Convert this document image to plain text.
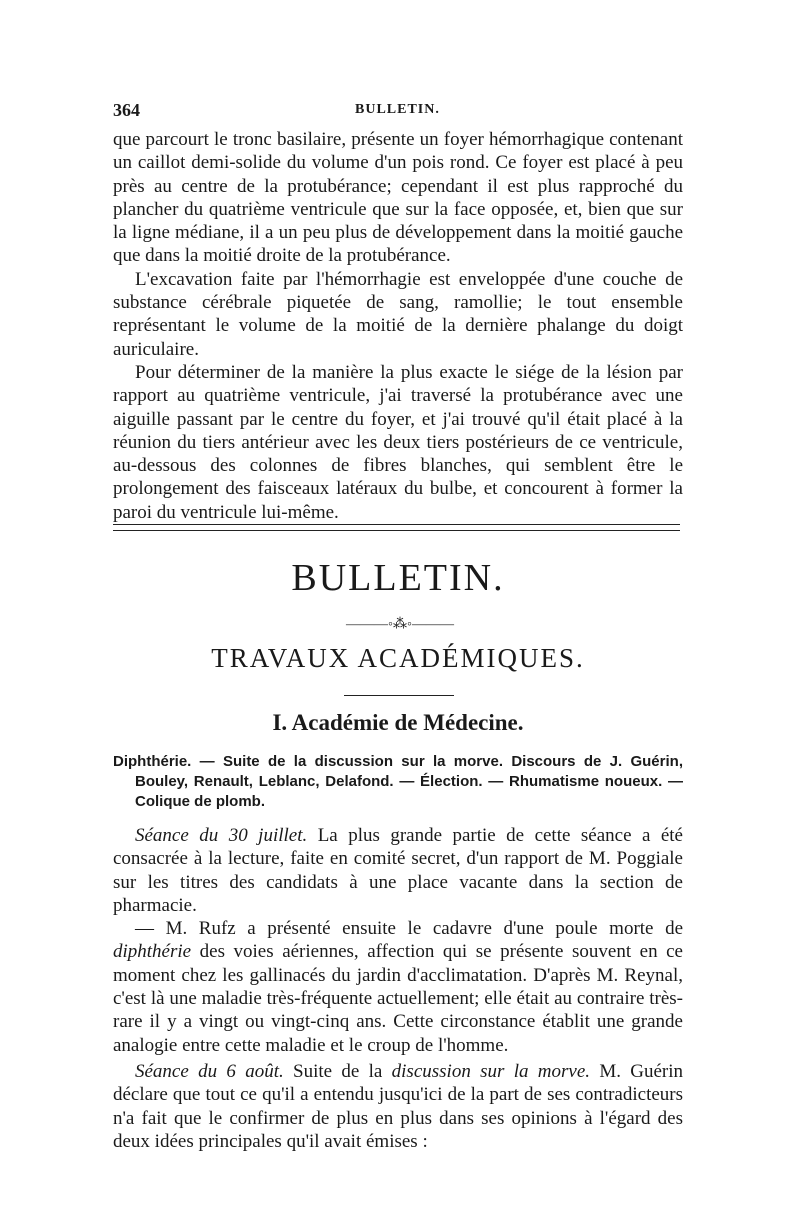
364	BULLETIN.

que parcourt le tronc basilaire, présente un foyer hémorrhagique contenant un caillot demi-solide du volume d'un pois rond. Ce foyer est placé à peu près au centre de la protubérance; cependant il est plus rapproché du plancher du quatrième ventricule que sur la face opposée, et, bien que sur la ligne médiane, il a un peu plus de développement dans la moitié gauche que dans la moitié droite de la protubérance.

L'excavation faite par l'hémorrhagie est enveloppée d'une couche de substance cérébrale piquetée de sang, ramollie; le tout ensemble représentant le volume de la moitié de la dernière phalange du doigt auriculaire.

Pour déterminer de la manière la plus exacte le siége de la lésion par rapport au quatrième ventricule, j'ai traversé la protubérance avec une aiguille passant par le centre du foyer, et j'ai trouvé qu'il était placé à la réunion du tiers antérieur avec les deux tiers postérieurs de ce ventricule, au-dessous des colonnes de fibres blanches, qui semblent être le prolongement des faisceaux latéraux du bulbe, et concourent à former la paroi du ventricule lui-même.

BULLETIN.
———◦⁂◦———
TRAVAUX ACADÉMIQUES.
I. Académie de Médecine.
Diphthérie. — Suite de la discussion sur la morve. Discours de J. Guérin, Bouley, Renault, Leblanc, Delafond. — Élection. — Rhumatisme noueux. — Colique de plomb.

Séance du 30 juillet. La plus grande partie de cette séance a été consacrée à la lecture, faite en comité secret, d'un rapport de M. Poggiale sur les titres des candidats à une place vacante dans la section de pharmacie.

— M. Rufz a présenté ensuite le cadavre d'une poule morte de diphthérie des voies aériennes, affection qui se présente souvent en ce moment chez les gallinacés du jardin d'acclimatation. D'après M. Reynal, c'est là une maladie très-fréquente actuellement; elle était au contraire très-rare il y a vingt ou vingt-cinq ans. Cette circonstance établit une grande analogie entre cette maladie et le croup de l'homme.

Séance du 6 août. Suite de la discussion sur la morve. M. Guérin déclare que tout ce qu'il a entendu jusqu'ici de la part de ses contradicteurs n'a fait que le confirmer de plus en plus dans ses opinions à l'égard des deux idées principales qu'il avait émises :
